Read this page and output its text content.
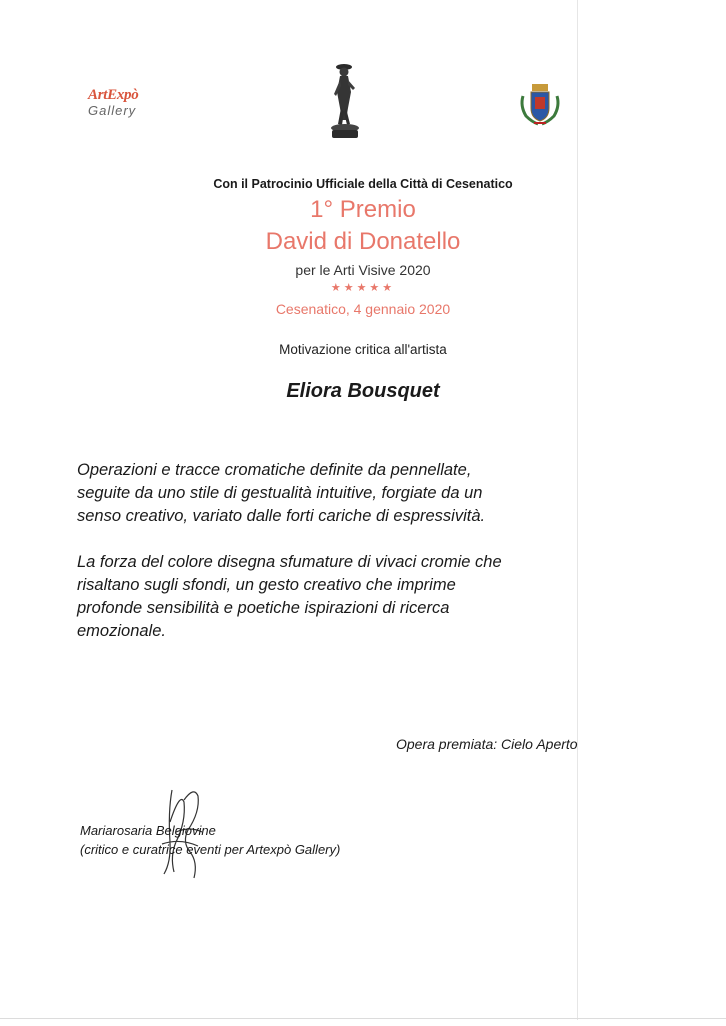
ArtExpò
Gallery
Con il Patrocinio Ufficiale della Città di Cesenatico
1° Premio
David di Donatello
per le Arti Visive 2020
★★★★★
Cesenatico, 4 gennaio 2020
Motivazione critica all'artista
Eliora Bousquet
Operazioni e tracce cromatiche definite da pennellate,
seguite da uno stile di gestualità intuitive, forgiate da un
senso creativo, variato dalle forti cariche di espressività.
La forza del colore disegna sfumature di vivaci cromie che
risaltano sugli sfondi, un gesto creativo che imprime
profonde sensibilità e poetiche ispirazioni di ricerca
emozionale.
Opera premiata: Cielo Aperto
Mariarosaria Belgiovine
(critico e curatrice eventi per Artexpò Gallery)
